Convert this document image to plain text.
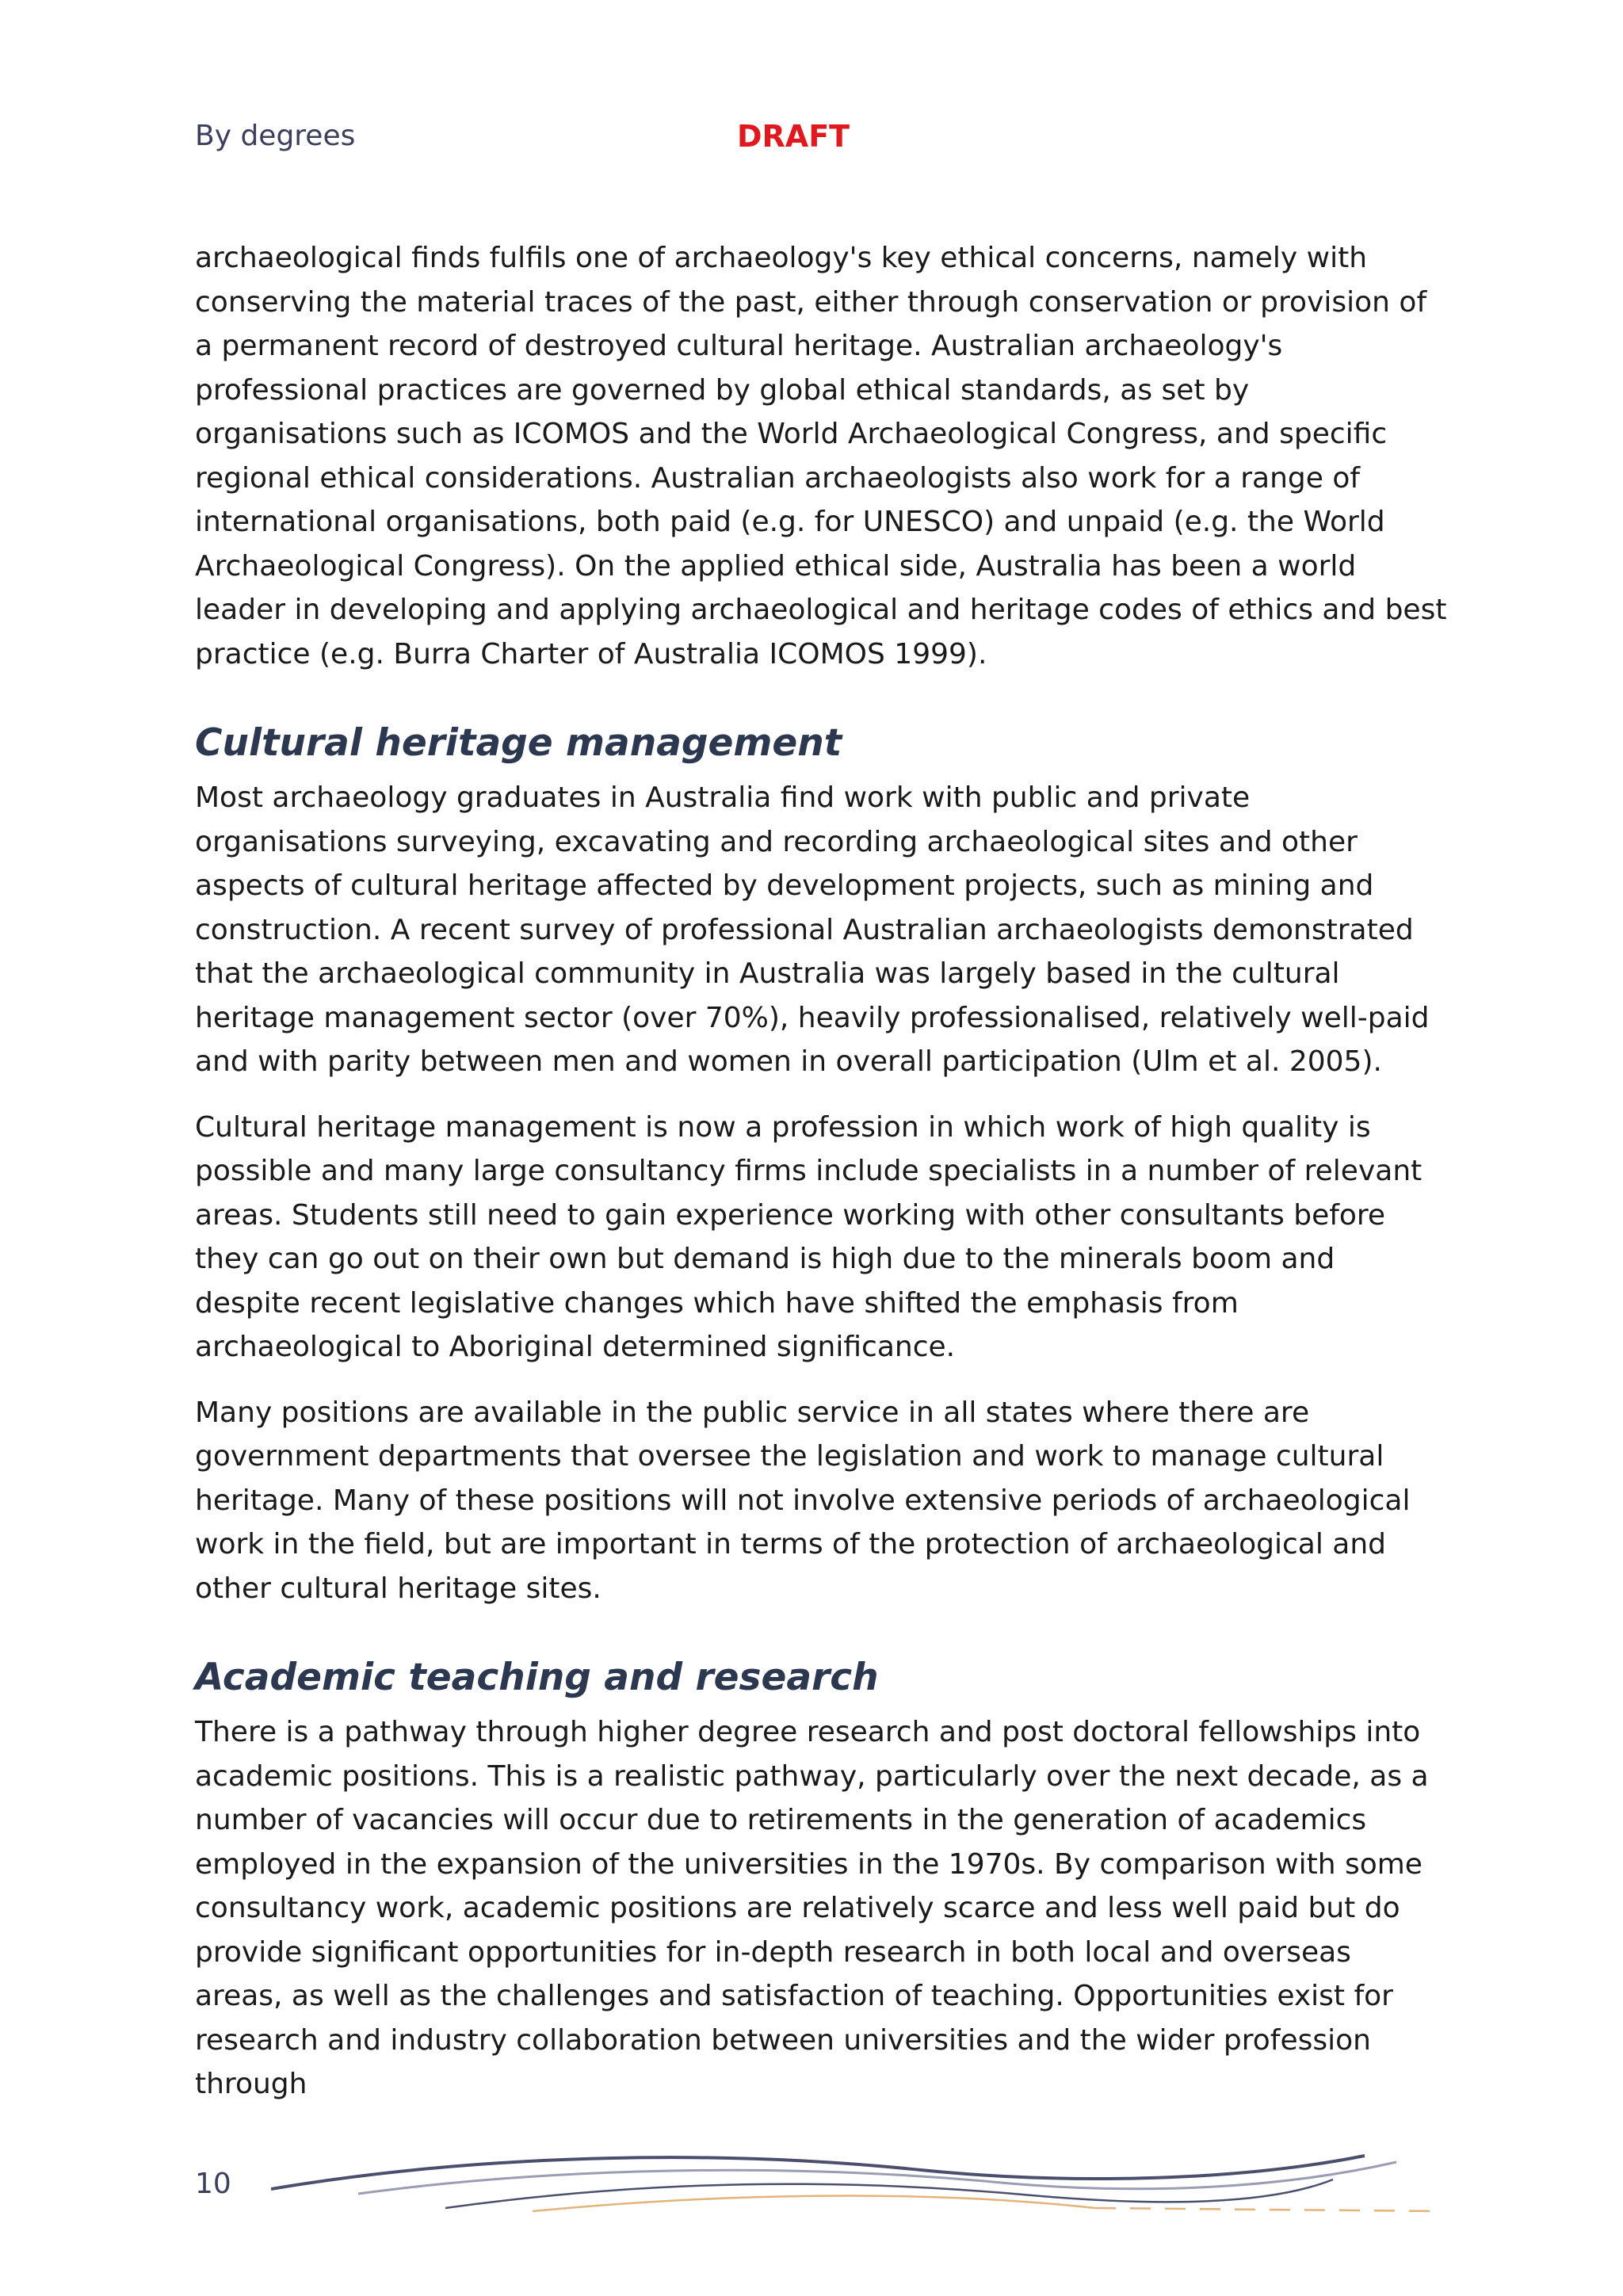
By degrees	DRAFT

archaeological finds fulfils one of archaeology's key ethical concerns, namely with conserving the material traces of the past, either through conservation or provision of a permanent record of destroyed cultural heritage. Australian archaeology's professional practices are governed by global ethical standards, as set by organisations such as ICOMOS and the World Archaeological Congress, and specific regional ethical considerations. Australian archaeologists also work for a range of international organisations, both paid (e.g. for UNESCO) and unpaid (e.g. the World Archaeological Congress). On the applied ethical side, Australia has been a world leader in developing and applying archaeological and heritage codes of ethics and best practice (e.g. Burra Charter of Australia ICOMOS 1999).

Cultural heritage management

Most archaeology graduates in Australia find work with public and private organisations surveying, excavating and recording archaeological sites and other aspects of cultural heritage affected by development projects, such as mining and construction. A recent survey of professional Australian archaeologists demonstrated that the archaeological community in Australia was largely based in the cultural heritage management sector (over 70%), heavily professionalised, relatively well-paid and with parity between men and women in overall participation (Ulm et al. 2005).

Cultural heritage management is now a profession in which work of high quality is possible and many large consultancy firms include specialists in a number of relevant areas. Students still need to gain experience working with other consultants before they can go out on their own but demand is high due to the minerals boom and despite recent legislative changes which have shifted the emphasis from archaeological to Aboriginal determined significance.

Many positions are available in the public service in all states where there are government departments that oversee the legislation and work to manage cultural heritage. Many of these positions will not involve extensive periods of archaeological work in the field, but are important in terms of the protection of archaeological and other cultural heritage sites.

Academic teaching and research

There is a pathway through higher degree research and post doctoral fellowships into academic positions. This is a realistic pathway, particularly over the next decade, as a number of vacancies will occur due to retirements in the generation of academics employed in the expansion of the universities in the 1970s. By comparison with some consultancy work, academic positions are relatively scarce and less well paid but do provide significant opportunities for in-depth research in both local and overseas areas, as well as the challenges and satisfaction of teaching. Opportunities exist for research and industry collaboration between universities and the wider profession through

10
